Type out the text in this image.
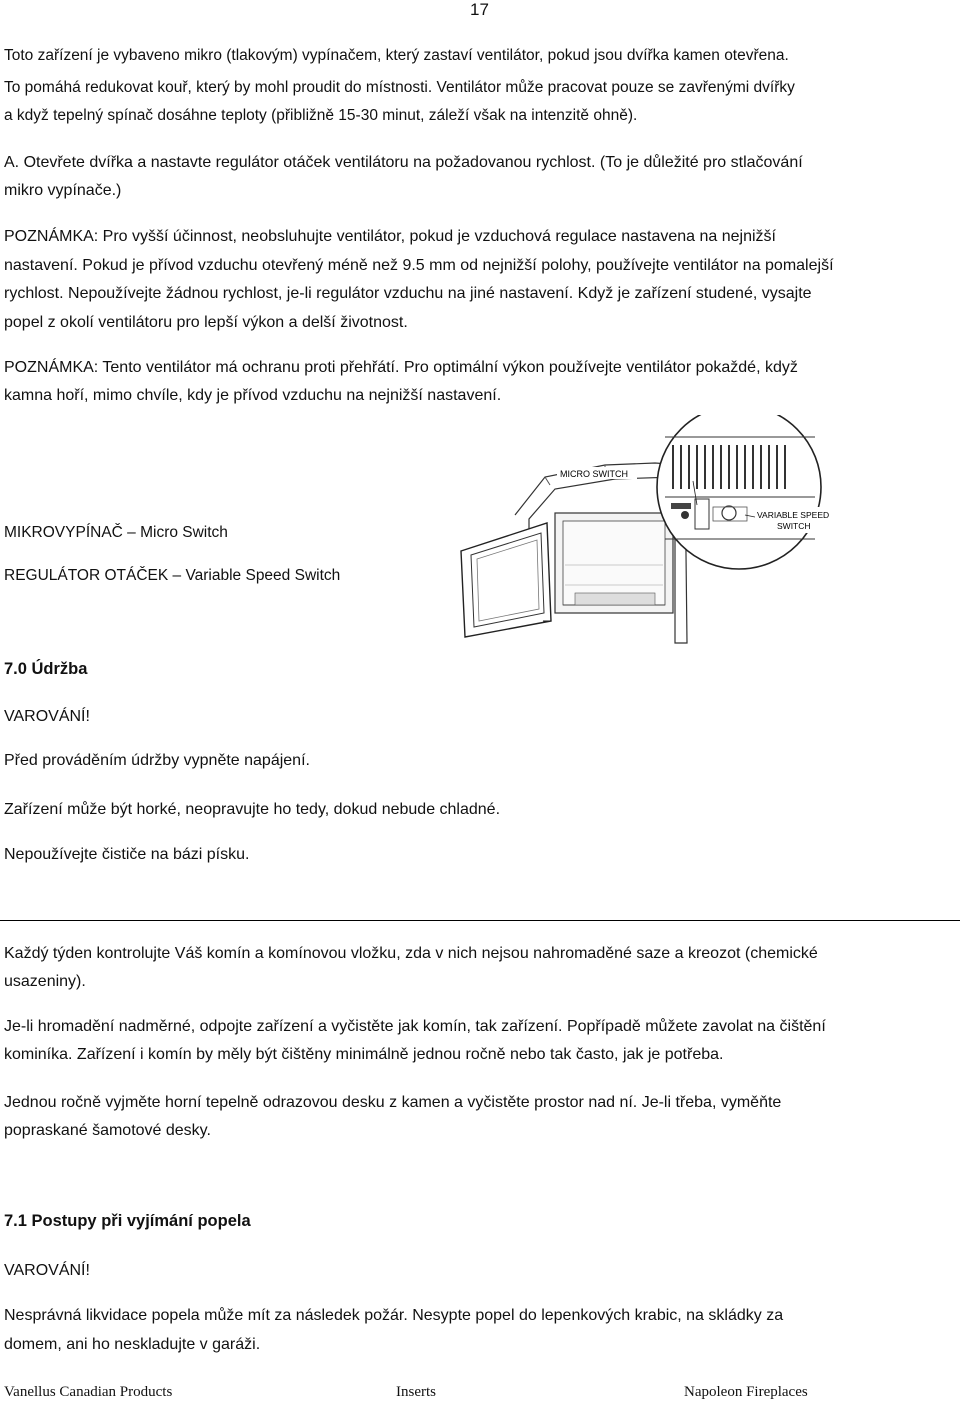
17
Toto zařízení je vybaveno mikro (tlakovým) vypínačem, který zastaví ventilátor, pokud jsou dvířka kamen otevřena.
To pomáhá redukovat kouř, který by mohl proudit do místnosti. Ventilátor může pracovat pouze se zavřenými dvířky
a když tepelný spínač dosáhne teploty (přibližně 15-30 minut, záleží však na intenzitě ohně).
A. Otevřete dvířka a nastavte regulátor otáček ventilátoru na požadovanou rychlost. (To je důležité pro stlačování
mikro vypínače.)
POZNÁMKA: Pro vyšší účinnost, neobsluhujte ventilátor, pokud je vzduchová regulace nastavena na nejnižší
nastavení. Pokud je přívod vzduchu otevřený méně než 9.5 mm od nejnižší polohy, používejte ventilátor na pomalejší
rychlost. Nepoužívejte žádnou rychlost, je-li regulátor vzduchu na jiné nastavení. Když je zařízení studené, vysajte
popel z okolí ventilátoru pro lepší výkon a delší životnost.
POZNÁMKA: Tento ventilátor má ochranu proti přehřátí. Pro optimální výkon používejte ventilátor pokaždé, když
kamna hoří, mimo chvíle, kdy je přívod vzduchu na nejnižší nastavení.
MIKROVYPÍNAČ – Micro Switch
REGULÁTOR OTÁČEK – Variable Speed Switch
MICRO SWITCH
VARIABLE SPEED
SWITCH
7.0 Údržba
VAROVÁNÍ!
Před prováděním údržby vypněte napájení.
Zařízení může být horké, neopravujte ho tedy, dokud nebude chladné.
Nepoužívejte čističe na bázi písku.
Každý týden kontrolujte Váš komín a komínovou vložku, zda v nich nejsou nahromaděné saze a kreozot (chemické
usazeniny).
Je-li hromadění nadměrné, odpojte zařízení a vyčistěte jak komín, tak zařízení. Popřípadě můžete zavolat na čištění
kominíka. Zařízení i komín by měly být čištěny minimálně jednou ročně nebo tak často, jak je potřeba.
Jednou ročně vyjměte horní tepelně odrazovou desku z kamen a vyčistěte prostor nad ní. Je-li třeba, vyměňte
popraskané šamotové desky.
7.1 Postupy při vyjímání popela
VAROVÁNÍ!
Nesprávná likvidace popela může mít za následek požár. Nesypte popel do lepenkových krabic, na skládky za
domem, ani ho neskladujte v garáži.
Vanellus Canadian Products	Inserts	Napoleon Fireplaces
